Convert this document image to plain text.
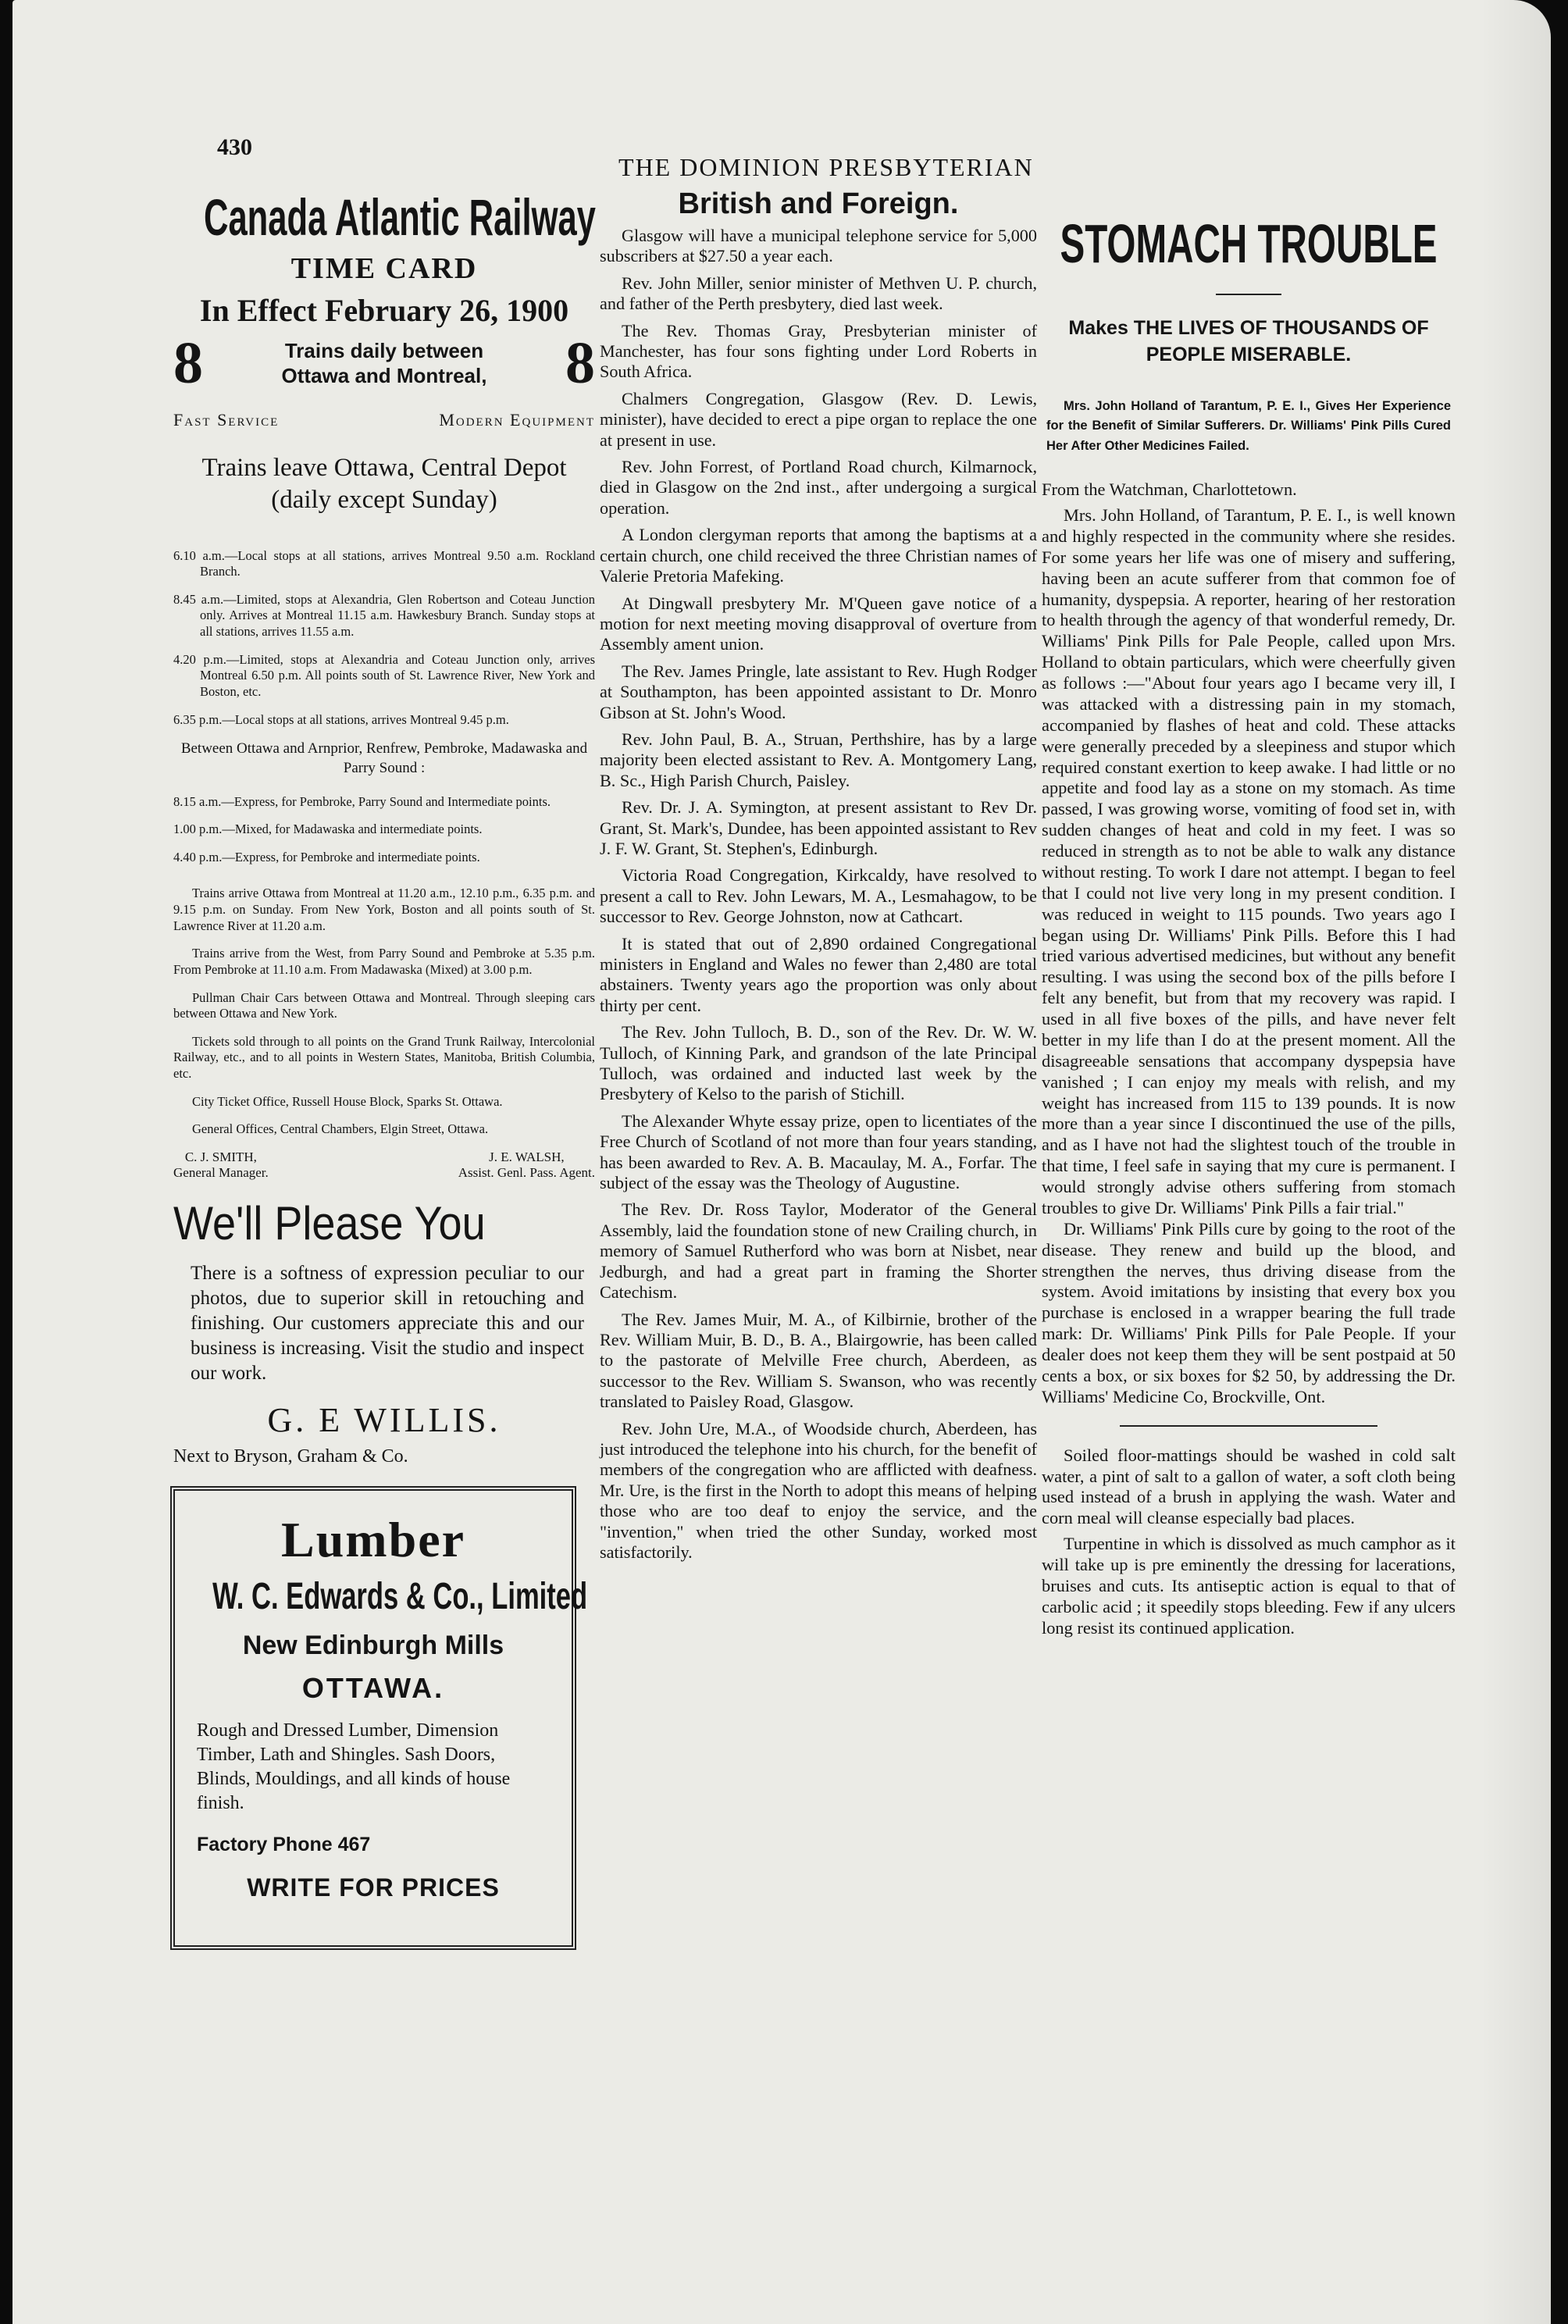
430
THE DOMINION PRESBYTERIAN
Canada Atlantic Railway
TIME CARD
In Effect February 26, 1900
8	Trains daily between
Ottawa and Montreal, 8
Fast Service	Modern Equipment
Trains leave Ottawa, Central Depot
(daily except Sunday)

6.10 a.m.—Local stops at all stations, arrives Montreal 9.50 a.m. Rockland Branch.

8.45 a.m.—Limited, stops at Alexandria, Glen Robertson and Coteau Junction only. Arrives at Montreal 11.15 a.m. Hawkesbury Branch. Sunday stops at all stations, arrives 11.55 a.m.

4.20 p.m.—Limited, stops at Alexandria and Coteau Junction only, arrives Montreal 6.50 p.m. All points south of St. Lawrence River, New York and Boston, etc.

6.35 p.m.—Local stops at all stations, arrives Montreal 9.45 p.m.

Between Ottawa and Arnprior, Renfrew, Pembroke, Madawaska and Parry Sound :

8.15 a.m.—Express, for Pembroke, Parry Sound and Intermediate points.

1.00 p.m.—Mixed, for Madawaska and intermediate points.

4.40 p.m.—Express, for Pembroke and intermediate points.

Trains arrive Ottawa from Montreal at 11.20 a.m., 12.10 p.m., 6.35 p.m. and 9.15 p.m. on Sunday. From New York, Boston and all points south of St. Lawrence River at 11.20 a.m.

Trains arrive from the West, from Parry Sound and Pembroke at 5.35 p.m. From Pembroke at 11.10 a.m. From Madawaska (Mixed) at 3.00 p.m.

Pullman Chair Cars between Ottawa and Montreal. Through sleeping cars between Ottawa and New York.

Tickets sold through to all points on the Grand Trunk Railway, Intercolonial Railway, etc., and to all points in Western States, Manitoba, British Columbia, etc.

City Ticket Office, Russell House Block, Sparks St. Ottawa.

General Offices, Central Chambers, Elgin Street, Ottawa.

C. J. SMITH,
General Manager.
J. E. WALSH,
Assist. Genl. Pass. Agent.
We'll Please You

There is a softness of expression peculiar to our photos, due to superior skill in retouching and finishing. Our customers appreciate this and our business is increasing. Visit the studio and inspect our work.

G. E WILLIS.
Next to Bryson, Graham & Co.
Lumber
W. C. Edwards & Co., Limited
New Edinburgh Mills
OTTAWA.
Rough and Dressed Lumber, Dimension Timber, Lath and Shingles. Sash Doors, Blinds, Mouldings, and all kinds of house finish.
Factory Phone 467
WRITE FOR PRICES
British and Foreign.

Glasgow will have a municipal telephone service for 5,000 subscribers at $27.50 a year each.

Rev. John Miller, senior minister of Methven U. P. church, and father of the Perth presbytery, died last week.

The Rev. Thomas Gray, Presbyterian minister of Manchester, has four sons fighting under Lord Roberts in South Africa.

Chalmers Congregation, Glasgow (Rev. D. Lewis, minister), have decided to erect a pipe organ to replace the one at present in use.

Rev. John Forrest, of Portland Road church, Kilmarnock, died in Glasgow on the 2nd inst., after undergoing a surgical operation.

A London clergyman reports that among the baptisms at a certain church, one child received the three Christian names of Valerie Pretoria Mafeking.

At Dingwall presbytery Mr. M'Queen gave notice of a motion for next meeting moving disapproval of overture from Assembly ament union.

The Rev. James Pringle, late assistant to Rev. Hugh Rodger at Southampton, has been appointed assistant to Dr. Monro Gibson at St. John's Wood.

Rev. John Paul, B. A., Struan, Perthshire, has by a large majority been elected assistant to Rev. A. Montgomery Lang, B. Sc., High Parish Church, Paisley.

Rev. Dr. J. A. Symington, at present assistant to Rev Dr. Grant, St. Mark's, Dundee, has been appointed assistant to Rev J. F. W. Grant, St. Stephen's, Edinburgh.

Victoria Road Congregation, Kirkcaldy, have resolved to present a call to Rev. John Lewars, M. A., Lesmahagow, to be successor to Rev. George Johnston, now at Cathcart.

It is stated that out of 2,890 ordained Congregational ministers in England and Wales no fewer than 2,480 are total abstainers. Twenty years ago the proportion was only about thirty per cent.

The Rev. John Tulloch, B. D., son of the Rev. Dr. W. W. Tulloch, of Kinning Park, and grandson of the late Principal Tulloch, was ordained and inducted last week by the Presbytery of Kelso to the parish of Stichill.

The Alexander Whyte essay prize, open to licentiates of the Free Church of Scotland of not more than four years standing, has been awarded to Rev. A. B. Macaulay, M. A., Forfar. The subject of the essay was the Theology of Augustine.

The Rev. Dr. Ross Taylor, Moderator of the General Assembly, laid the foundation stone of new Crailing church, in memory of Samuel Rutherford who was born at Nisbet, near Jedburgh, and had a great part in framing the Shorter Catechism.

The Rev. James Muir, M. A., of Kilbirnie, brother of the Rev. William Muir, B. D., B. A., Blairgowrie, has been called to the pastorate of Melville Free church, Aberdeen, as successor to the Rev. William S. Swanson, who was recently translated to Paisley Road, Glasgow.

Rev. John Ure, M.A., of Woodside church, Aberdeen, has just introduced the telephone into his church, for the benefit of members of the congregation who are afflicted with deafness. Mr. Ure, is the first in the North to adopt this means of helping those who are too deaf to enjoy the service, and the "invention," when tried the other Sunday, worked most satisfactorily.

STOMACH TROUBLE
Makes THE LIVES OF THOUSANDS OF PEOPLE MISERABLE.

Mrs. John Holland of Tarantum, P. E. I., Gives Her Experience for the Benefit of Similar Sufferers. Dr. Williams' Pink Pills Cured Her After Other Medicines Failed.

From the Watchman, Charlottetown.

Mrs. John Holland, of Tarantum, P. E. I., is well known and highly respected in the community where she resides. For some years her life was one of misery and suffering, having been an acute sufferer from that common foe of humanity, dyspepsia. A reporter, hearing of her restoration to health through the agency of that wonderful remedy, Dr. Williams' Pink Pills for Pale People, called upon Mrs. Holland to obtain particulars, which were cheerfully given as follows :—"About four years ago I became very ill, I was attacked with a distressing pain in my stomach, accompanied by flashes of heat and cold. These attacks were generally preceded by a sleepiness and stupor which required constant exertion to keep awake. I had little or no appetite and food lay as a stone on my stomach. As time passed, I was growing worse, vomiting of food set in, with sudden changes of heat and cold in my feet. I was so reduced in strength as to not be able to walk any distance without resting. To work I dare not attempt. I began to feel that I could not live very long in my present condition. I was reduced in weight to 115 pounds. Two years ago I began using Dr. Williams' Pink Pills. Before this I had tried various advertised medicines, but without any benefit resulting. I was using the second box of the pills before I felt any benefit, but from that my recovery was rapid. I used in all five boxes of the pills, and have never felt better in my life than I do at the present moment. All the disagreeable sensations that accompany dyspepsia have vanished ; I can enjoy my meals with relish, and my weight has increased from 115 to 139 pounds. It is now more than a year since I discontinued the use of the pills, and as I have not had the slightest touch of the trouble in that time, I feel safe in saying that my cure is permanent. I would strongly advise others suffering from stomach troubles to give Dr. Williams' Pink Pills a fair trial."

Dr. Williams' Pink Pills cure by going to the root of the disease. They renew and build up the blood, and strengthen the nerves, thus driving disease from the system. Avoid imitations by insisting that every box you purchase is enclosed in a wrapper bearing the full trade mark: Dr. Williams' Pink Pills for Pale People. If your dealer does not keep them they will be sent postpaid at 50 cents a box, or six boxes for $2 50, by addressing the Dr. Williams' Medicine Co, Brockville, Ont.

Soiled floor-mattings should be washed in cold salt water, a pint of salt to a gallon of water, a soft cloth being used instead of a brush in applying the wash. Water and corn meal will cleanse especially bad places.

Turpentine in which is dissolved as much camphor as it will take up is pre eminently the dressing for lacerations, bruises and cuts. Its antiseptic action is equal to that of carbolic acid ; it speedily stops bleeding. Few if any ulcers long resist its continued application.
